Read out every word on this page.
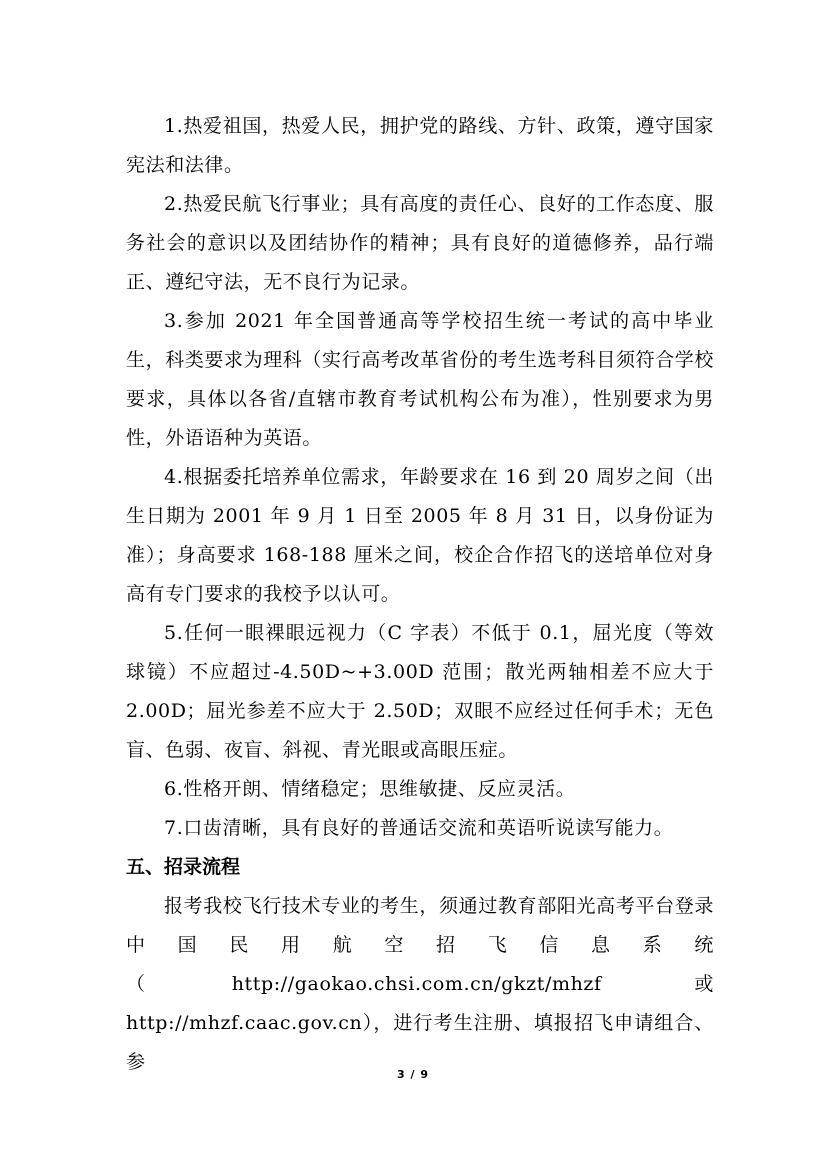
1.热爱祖国，热爱人民，拥护党的路线、方针、政策，遵守国家宪法和法律。

2.热爱民航飞行事业；具有高度的责任心、良好的工作态度、服务社会的意识以及团结协作的精神；具有良好的道德修养，品行端正、遵纪守法，无不良行为记录。

3.参加 2021 年全国普通高等学校招生统一考试的高中毕业生，科类要求为理科（实行高考改革省份的考生选考科目须符合学校要求，具体以各省/直辖市教育考试机构公布为准），性别要求为男性，外语语种为英语。

4.根据委托培养单位需求，年龄要求在 16 到 20 周岁之间（出生日期为 2001 年 9 月 1 日至 2005 年 8 月 31 日，以身份证为准）；身高要求 168-188 厘米之间，校企合作招飞的送培单位对身高有专门要求的我校予以认可。

5.任何一眼裸眼远视力（C 字表）不低于 0.1，屈光度（等效球镜）不应超过-4.50D~+3.00D 范围；散光两轴相差不应大于 2.00D；屈光参差不应大于 2.50D；双眼不应经过任何手术；无色盲、色弱、夜盲、斜视、青光眼或高眼压症。

6.性格开朗、情绪稳定；思维敏捷、反应灵活。

7.口齿清晰，具有良好的普通话交流和英语听说读写能力。

五、招录流程

报考我校飞行技术专业的考生，须通过教育部阳光高考平台登录中国民用航空招飞信息系统（http://gaokao.chsi.com.cn/gkzt/mhzf 或 http://mhzf.caac.gov.cn），进行考生注册、填报招飞申请组合、参

3 / 9
